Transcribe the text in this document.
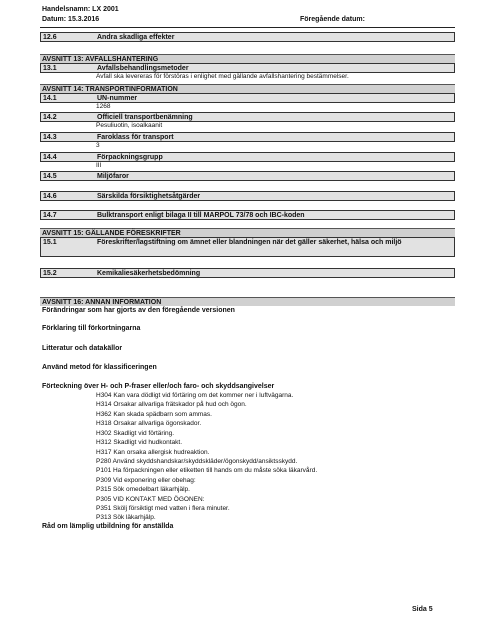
Handelsnamn: LX 2001
Datum: 15.3.2016	Föregående datum:
12.6	Andra skadliga effekter
AVSNITT 13: AVFALLSHANTERING
13.1	Avfallsbehandlingsmetoder
Avfall ska levereras för förstöras i enlighet med gällande avfallshantering bestämmelser.
AVSNITT 14: TRANSPORTINFORMATION
14.1	UN-nummer
1268
14.2	Officiell transportbenämning
Pesuliuotin, isoalkaanit
14.3	Faroklass för transport
3
14.4	Förpackningsgrupp
III
14.5	Miljöfaror
14.6	Särskilda försiktighetsåtgärder
14.7	Bulktransport enligt bilaga II till MARPOL 73/78 och IBC-koden
AVSNITT 15: GÄLLANDE FÖRESKRIFTER
15.1	Föreskrifter/lagstiftning om ämnet eller blandningen när det gäller säkerhet, hälsa och miljö
15.2	Kemikaliesäkerhetsbedömning
AVSNITT 16: ANNAN INFORMATION
Förändringar som har gjorts av den föregående versionen
Förklaring till förkortningarna
Litteratur och datakällor
Använd metod för klassificeringen
Förteckning över H- och P-fraser eller/och faro- och skyddsangivelser
H304 Kan vara dödligt vid förtäring om det kommer ner i luftvägarna.
H314 Orsakar allvarliga frätskador på hud och ögon.
H362 Kan skada spädbarn som ammas.
H318 Orsakar allvarliga ögonskador.
H302 Skadligt vid förtäring.
H312 Skadligt vid hudkontakt.
H317 Kan orsaka allergisk hudreaktion.
P280 Använd skyddshandskar/skyddskläder/ögonskydd/ansiktsskydd.
P101 Ha förpackningen eller etiketten till hands om du måste söka läkarvård.
P309 Vid exponering eller obehag:
P315 Sök omedelbart läkarhjälp.
P305 VID KONTAKT MED ÖGONEN:
P351 Skölj försiktigt med vatten i flera minuter.
P313 Sök läkarhjälp.
Råd om lämplig utbildning för anställda
Sida 5
